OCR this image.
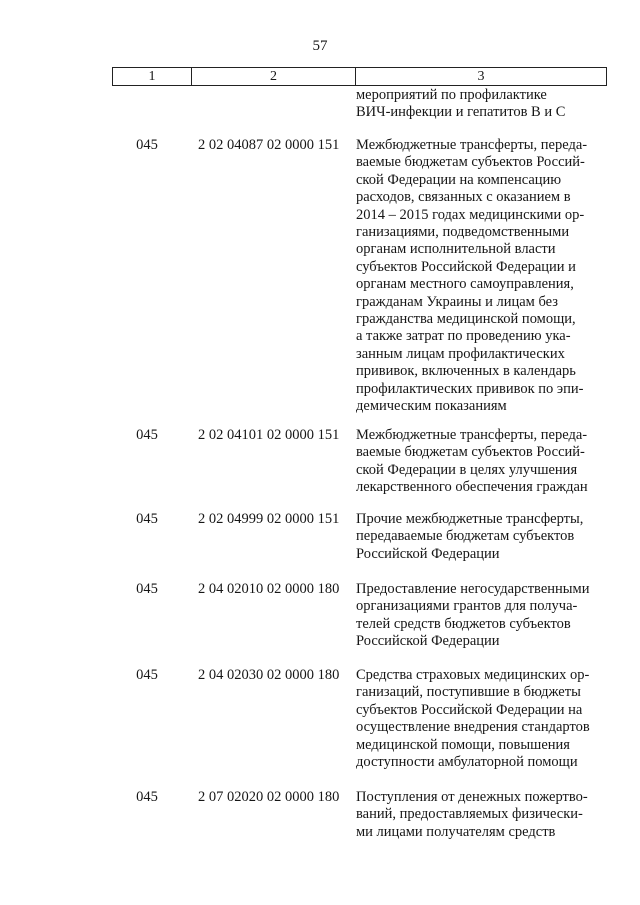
57
1	2	3
мероприятий по профилактике
ВИЧ-инфекции и гепатитов В и С
045	2 02 04087 02 0000 151	Межбюджетные трансферты, переда-
ваемые бюджетам субъектов Россий-
ской Федерации на компенсацию
расходов, связанных с оказанием в
2014 – 2015 годах медицинскими ор-
ганизациями, подведомственными
органам исполнительной власти
субъектов Российской Федерации и
органам местного самоуправления,
гражданам Украины и лицам без
гражданства медицинской помощи,
а также затрат по проведению ука-
занным лицам профилактических
прививок, включенных в календарь
профилактических прививок по эпи-
демическим показаниям
045	2 02 04101 02 0000 151	Межбюджетные трансферты, переда-
ваемые бюджетам субъектов Россий-
ской Федерации в целях улучшения
лекарственного обеспечения граждан
045	2 02 04999 02 0000 151	Прочие межбюджетные трансферты,
передаваемые бюджетам субъектов
Российской Федерации
045	2 04 02010 02 0000 180	Предоставление негосударственными
организациями грантов для получа-
телей средств бюджетов субъектов
Российской Федерации
045	2 04 02030 02 0000 180	Средства страховых медицинских ор-
ганизаций, поступившие в бюджеты
субъектов Российской Федерации на
осуществление внедрения стандартов
медицинской помощи, повышения
доступности амбулаторной помощи
045	2 07 02020 02 0000 180	Поступления от денежных пожертво-
ваний, предоставляемых физически-
ми лицами получателям средств
